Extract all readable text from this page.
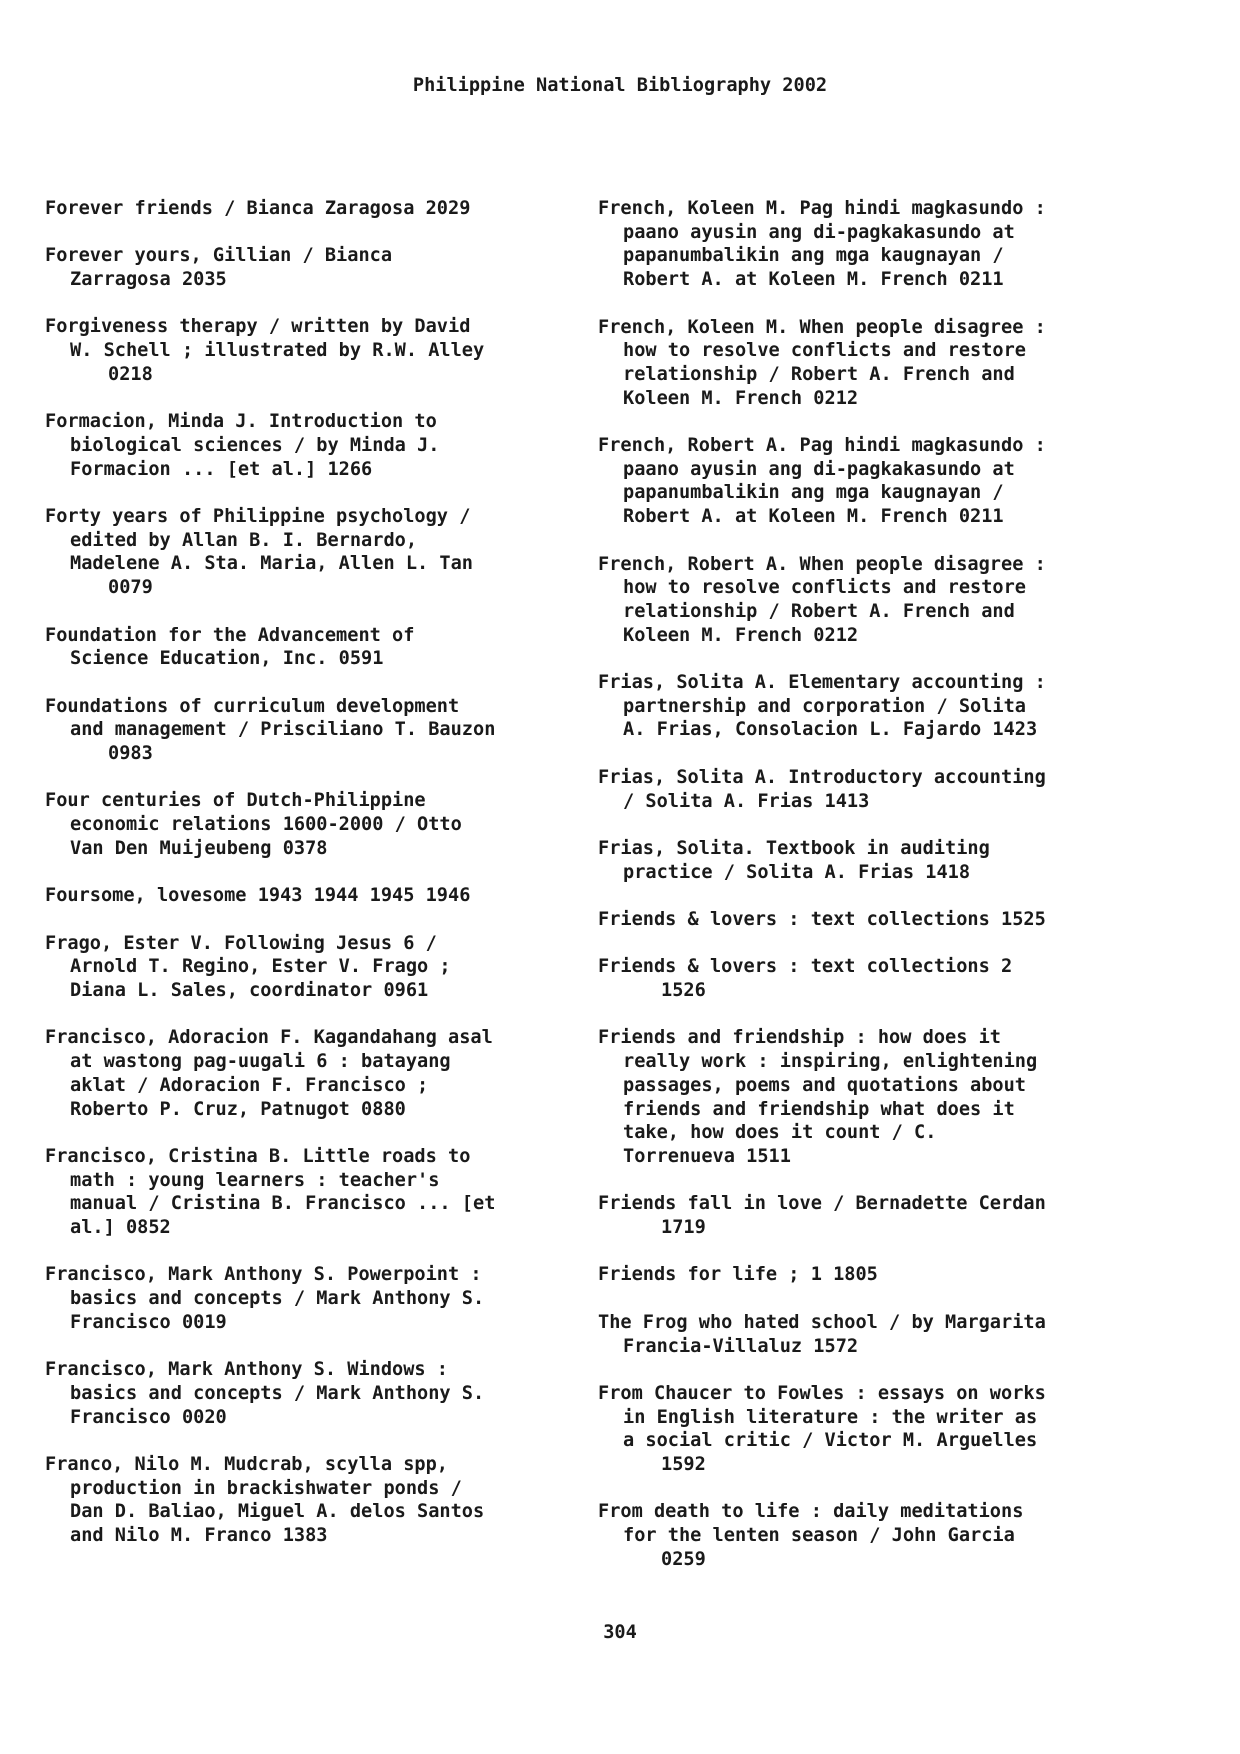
Philippine National Bibliography 2002
Forever friends / Bianca Zaragosa 2029
Forever yours, Gillian / Bianca
Zarragosa 2035
Forgiveness therapy / written by David
W. Schell ; illustrated by R.W. Alley
0218
Formacion, Minda J. Introduction to
biological sciences / by Minda J.
Formacion ... [et al.] 1266
Forty years of Philippine psychology /
edited by Allan B. I. Bernardo,
Madelene A. Sta. Maria, Allen L. Tan
0079
Foundation for the Advancement of
Science Education, Inc. 0591
Foundations of curriculum development
and management / Prisciliano T. Bauzon
0983
Four centuries of Dutch-Philippine
economic relations 1600-2000 / Otto
Van Den Muijeubeng 0378
Foursome, lovesome 1943 1944 1945 1946
Frago, Ester V. Following Jesus 6 /
Arnold T. Regino, Ester V. Frago ;
Diana L. Sales, coordinator 0961
Francisco, Adoracion F. Kagandahang asal
at wastong pag-uugali 6 : batayang
aklat / Adoracion F. Francisco ;
Roberto P. Cruz, Patnugot 0880
Francisco, Cristina B. Little roads to
math : young learners : teacher's
manual / Cristina B. Francisco ... [et
al.] 0852
Francisco, Mark Anthony S. Powerpoint :
basics and concepts / Mark Anthony S.
Francisco 0019
Francisco, Mark Anthony S. Windows :
basics and concepts / Mark Anthony S.
Francisco 0020
Franco, Nilo M. Mudcrab, scylla spp,
production in brackishwater ponds /
Dan D. Baliao, Miguel A. delos Santos
and Nilo M. Franco 1383
French, Koleen M. Pag hindi magkasundo :
paano ayusin ang di-pagkakasundo at
papanumbalikin ang mga kaugnayan /
Robert A. at Koleen M. French 0211
French, Koleen M. When people disagree :
how to resolve conflicts and restore
relationship / Robert A. French and
Koleen M. French 0212
French, Robert A. Pag hindi magkasundo :
paano ayusin ang di-pagkakasundo at
papanumbalikin ang mga kaugnayan /
Robert A. at Koleen M. French 0211
French, Robert A. When people disagree :
how to resolve conflicts and restore
relationship / Robert A. French and
Koleen M. French 0212
Frias, Solita A. Elementary accounting :
partnership and corporation / Solita
A. Frias, Consolacion L. Fajardo 1423
Frias, Solita A. Introductory accounting
/ Solita A. Frias 1413
Frias, Solita. Textbook in auditing
practice / Solita A. Frias 1418
Friends & lovers : text collections 1525
Friends & lovers : text collections 2
1526
Friends and friendship : how does it
really work : inspiring, enlightening
passages, poems and quotations about
friends and friendship what does it
take, how does it count / C.
Torrenueva 1511
Friends fall in love / Bernadette Cerdan
1719
Friends for life ; 1 1805
The Frog who hated school / by Margarita
Francia-Villaluz 1572
From Chaucer to Fowles : essays on works
in English literature : the writer as
a social critic / Victor M. Arguelles
1592
From death to life : daily meditations
for the lenten season / John Garcia
0259
304
